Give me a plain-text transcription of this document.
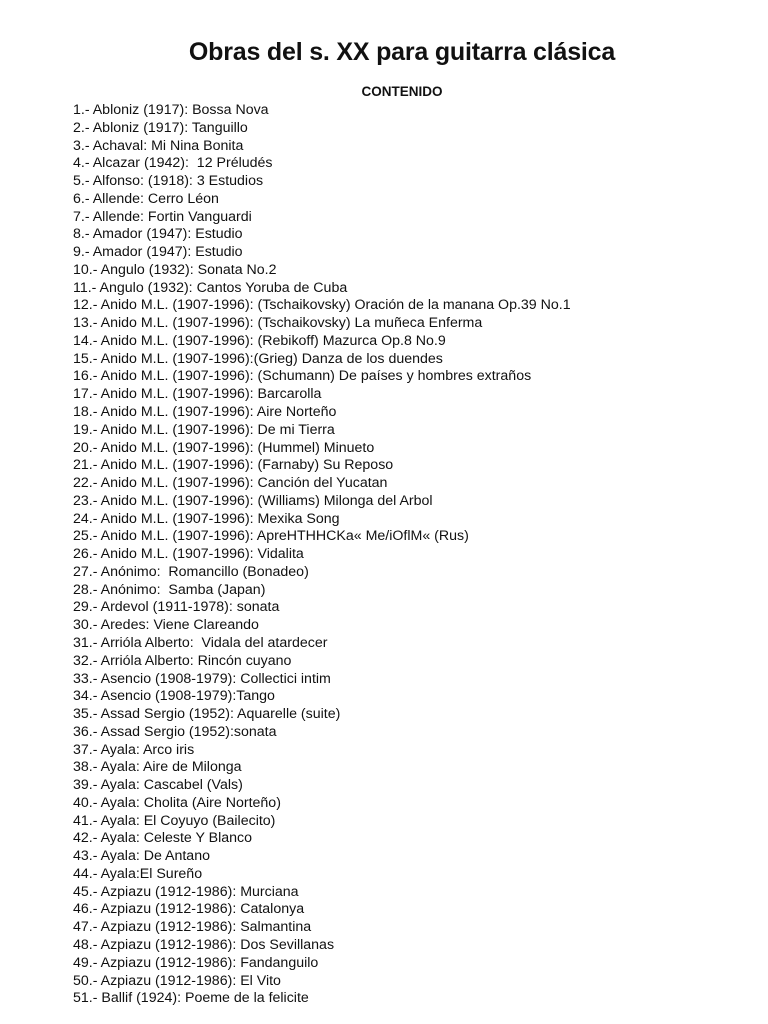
Obras del s. XX para guitarra clásica
CONTENIDO
1.- Abloniz (1917): Bossa Nova
2.- Abloniz (1917): Tanguillo
3.- Achaval: Mi Nina Bonita
4.- Alcazar (1942):  12 Préludés
5.- Alfonso: (1918): 3 Estudios
6.- Allende: Cerro Léon
7.- Allende: Fortin Vanguardi
8.- Amador (1947): Estudio
9.- Amador (1947): Estudio
10.- Angulo (1932): Sonata No.2
11.- Angulo (1932): Cantos Yoruba de Cuba
12.- Anido M.L. (1907-1996): (Tschaikovsky) Oración de la manana Op.39 No.1
13.- Anido M.L. (1907-1996): (Tschaikovsky) La muñeca Enferma
14.- Anido M.L. (1907-1996): (Rebikoff) Mazurca Op.8 No.9
15.- Anido M.L. (1907-1996):(Grieg) Danza de los duendes
16.- Anido M.L. (1907-1996): (Schumann) De países y hombres extraños
17.- Anido M.L. (1907-1996): Barcarolla
18.- Anido M.L. (1907-1996): Aire Norteño
19.- Anido M.L. (1907-1996): De mi Tierra
20.- Anido M.L. (1907-1996): (Hummel) Minueto
21.- Anido M.L. (1907-1996): (Farnaby) Su Reposo
22.- Anido M.L. (1907-1996): Canción del Yucatan
23.- Anido M.L. (1907-1996): (Williams) Milonga del Arbol
24.- Anido M.L. (1907-1996): Mexika Song
25.- Anido M.L. (1907-1996): ApreHTHHCKa« Me/iOflM« (Rus)
26.- Anido M.L. (1907-1996): Vidalita
27.- Anónimo:  Romancillo (Bonadeo)
28.- Anónimo:  Samba (Japan)
29.- Ardevol (1911-1978): sonata
30.- Aredes: Viene Clareando
31.- Arrióla Alberto:  Vidala del atardecer
32.- Arrióla Alberto: Rincón cuyano
33.- Asencio (1908-1979): Collectici intim
34.- Asencio (1908-1979):Tango
35.- Assad Sergio (1952): Aquarelle (suite)
36.- Assad Sergio (1952):sonata
37.- Ayala: Arco iris
38.- Ayala: Aire de Milonga
39.- Ayala: Cascabel (Vals)
40.- Ayala: Cholita (Aire Norteño)
41.- Ayala: El Coyuyo (Bailecito)
42.- Ayala: Celeste Y Blanco
43.- Ayala: De Antano
44.- Ayala:El Sureño
45.- Azpiazu (1912-1986): Murciana
46.- Azpiazu (1912-1986): Catalonya
47.- Azpiazu (1912-1986): Salmantina
48.- Azpiazu (1912-1986): Dos Sevillanas
49.- Azpiazu (1912-1986): Fandanguilo
50.- Azpiazu (1912-1986): El Vito
51.- Ballif (1924): Poeme de la felicite
